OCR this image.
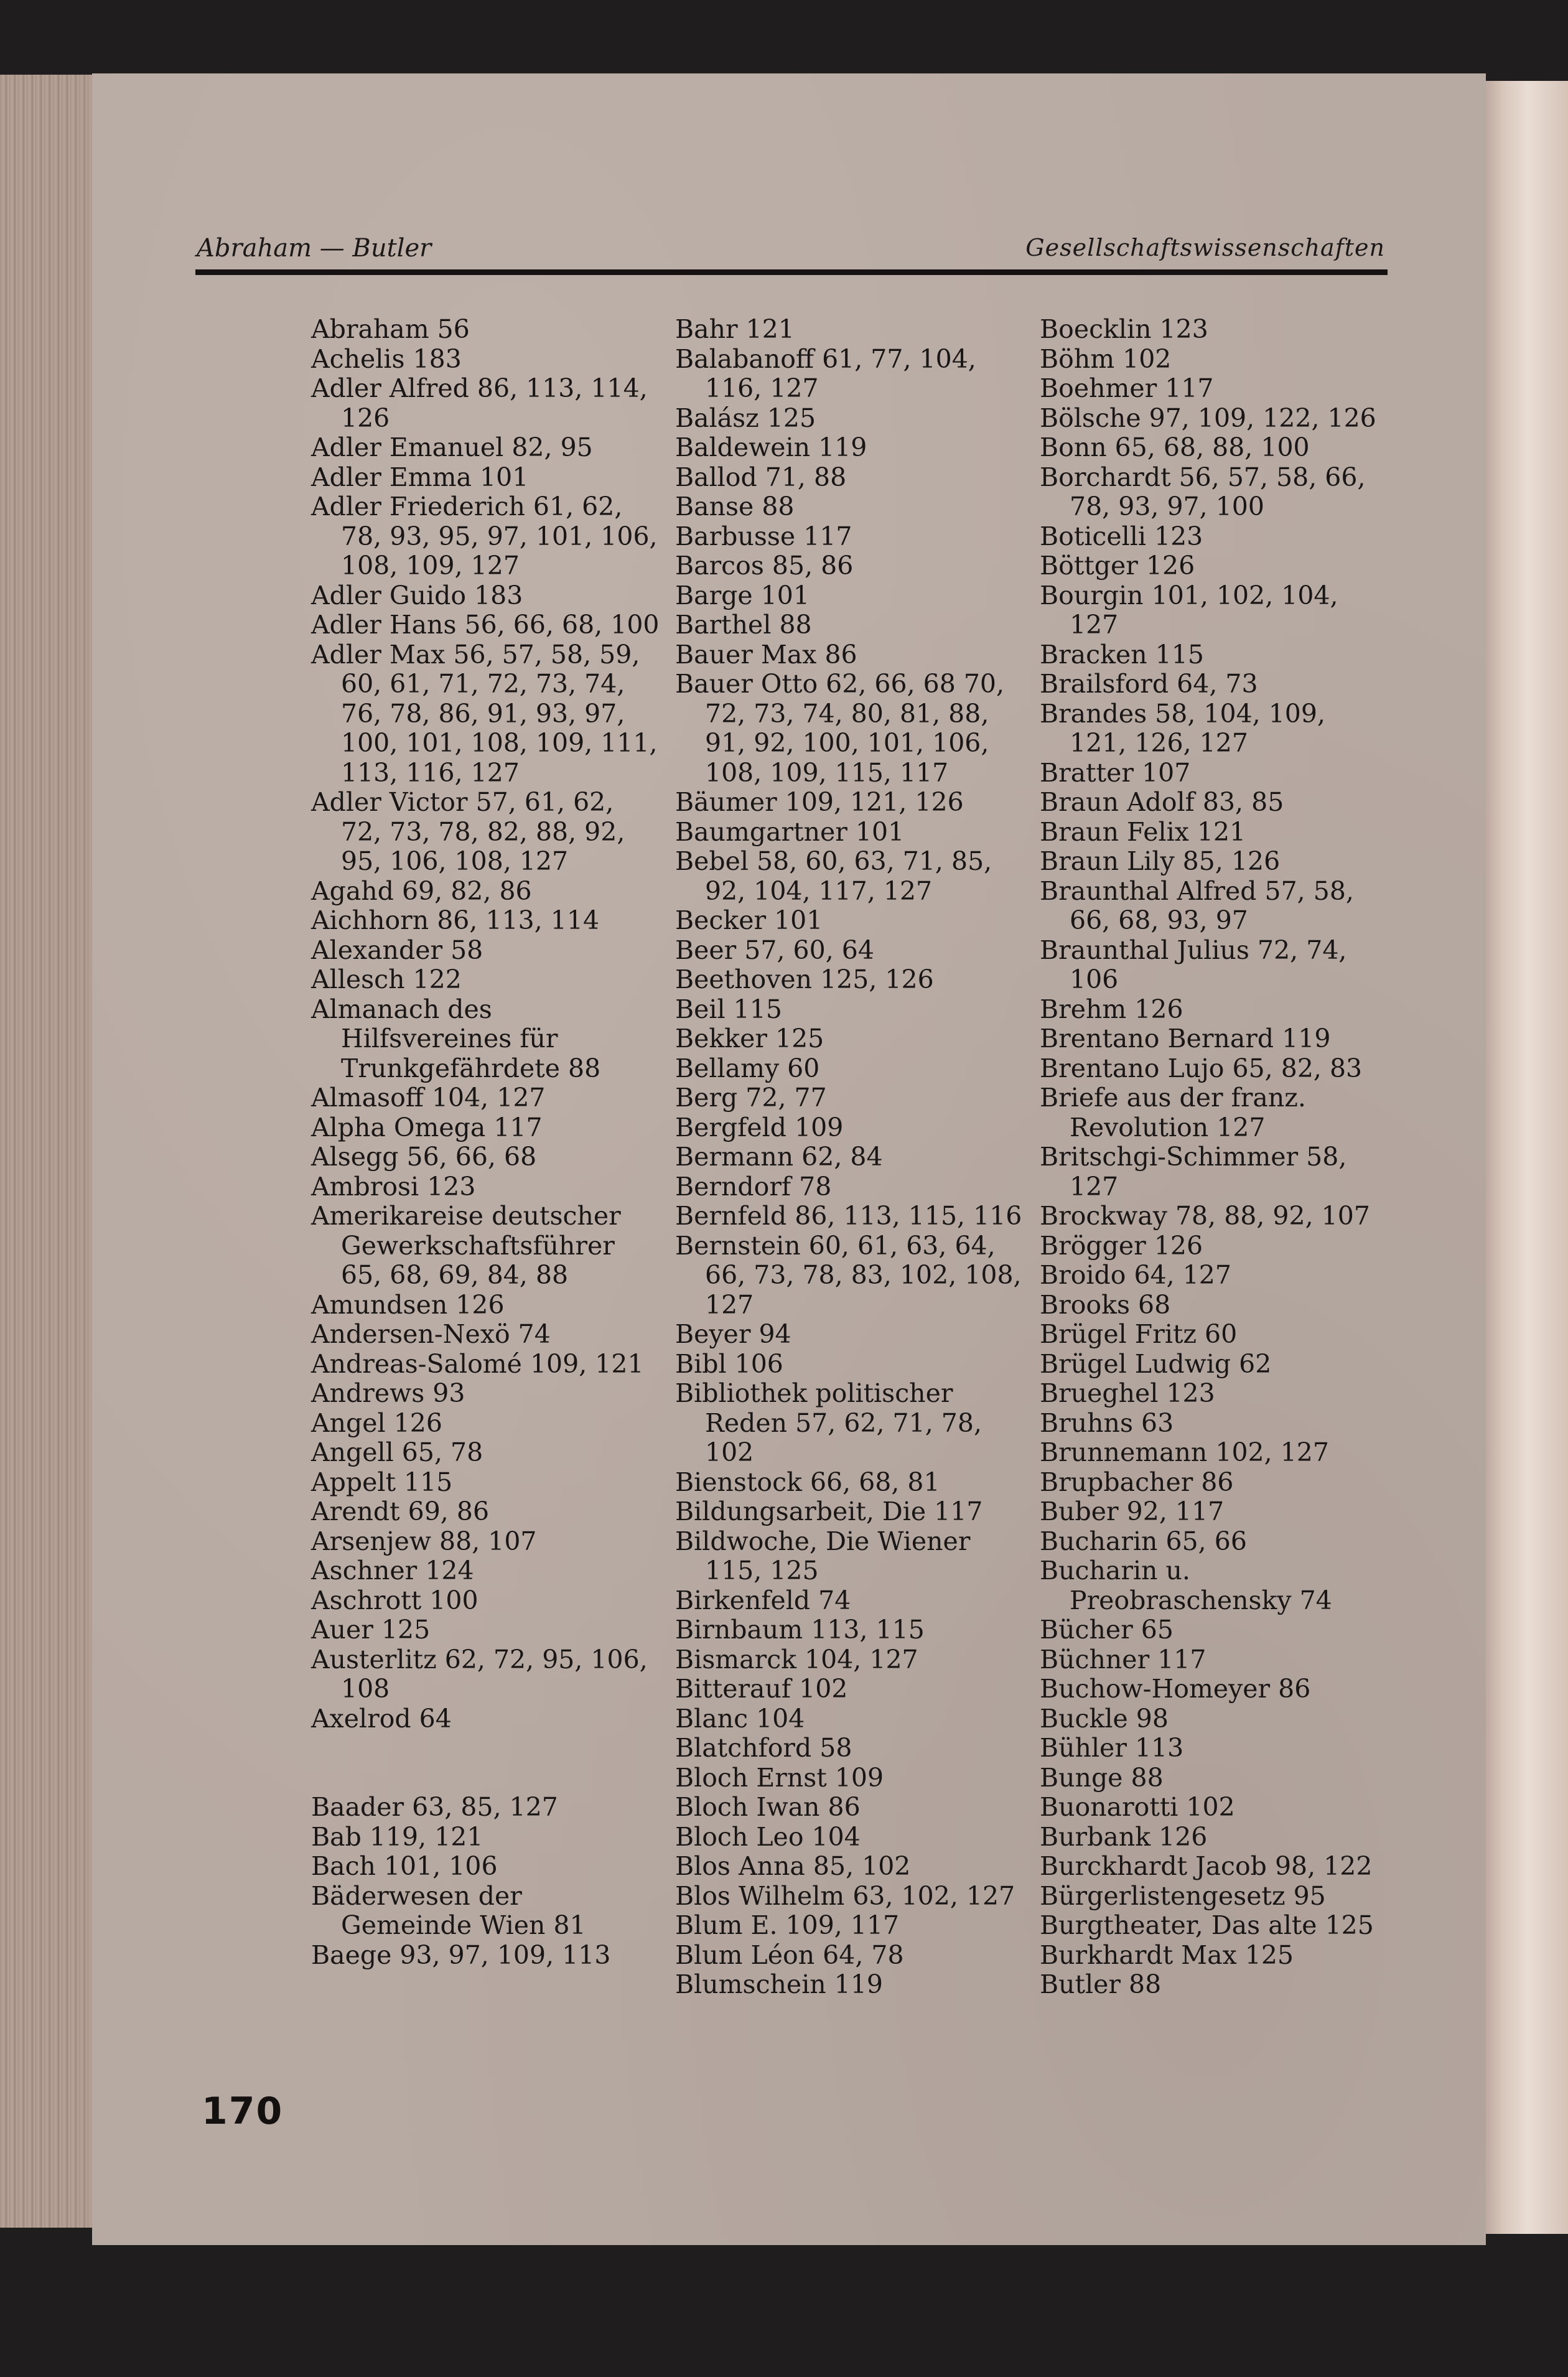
Abraham — Butler	Gesellschaftswissenschaften
Abraham 56
Achelis 183
Adler Alfred 86, 113, 114, 126
Adler Emanuel 82, 95
Adler Emma 101
Adler Friederich 61, 62, 78, 93, 95, 97, 101, 106, 108, 109, 127
Adler Guido 183
Adler Hans 56, 66, 68, 100
Adler Max 56, 57, 58, 59, 60, 61, 71, 72, 73, 74, 76, 78, 86, 91, 93, 97, 100, 101, 108, 109, 111, 113, 116, 127
Adler Victor 57, 61, 62, 72, 73, 78, 82, 88, 92, 95, 106, 108, 127
Agahd 69, 82, 86
Aichhorn 86, 113, 114
Alexander 58
Allesch 122
Almanach des Hilfsvereines für Trunkgefährdete 88
Almasoff 104, 127
Alpha Omega 117
Alsegg 56, 66, 68
Ambrosi 123
Amerikareise deutscher Gewerkschaftsführer 65, 68, 69, 84, 88
Amundsen 126
Andersen-Nexö 74
Andreas-Salomé 109, 121
Andrews 93
Angel 126
Angell 65, 78
Appelt 115
Arendt 69, 86
Arsenjew 88, 107
Aschner 124
Aschrott 100
Auer 125
Austerlitz 62, 72, 95, 106, 108
Axelrod 64
Baader 63, 85, 127
Bab 119, 121
Bach 101, 106
Bäderwesen der Gemeinde Wien 81
Baege 93, 97, 109, 113
Bahr 121
Balabanoff 61, 77, 104, 116, 127
Balász 125
Baldewein 119
Ballod 71, 88
Banse 88
Barbusse 117
Barcos 85, 86
Barge 101
Barthel 88
Bauer Max 86
Bauer Otto 62, 66, 68 70, 72, 73, 74, 80, 81, 88, 91, 92, 100, 101, 106, 108, 109, 115, 117
Bäumer 109, 121, 126
Baumgartner 101
Bebel 58, 60, 63, 71, 85, 92, 104, 117, 127
Becker 101
Beer 57, 60, 64
Beethoven 125, 126
Beil 115
Bekker 125
Bellamy 60
Berg 72, 77
Bergfeld 109
Bermann 62, 84
Berndorf 78
Bernfeld 86, 113, 115, 116
Bernstein 60, 61, 63, 64, 66, 73, 78, 83, 102, 108, 127
Beyer 94
Bibl 106
Bibliothek politischer Reden 57, 62, 71, 78, 102
Bienstock 66, 68, 81
Bildungsarbeit, Die 117
Bildwoche, Die Wiener 115, 125
Birkenfeld 74
Birnbaum 113, 115
Bismarck 104, 127
Bitterauf 102
Blanc 104
Blatchford 58
Bloch Ernst 109
Bloch Iwan 86
Bloch Leo 104
Blos Anna 85, 102
Blos Wilhelm 63, 102, 127
Blum E. 109, 117
Blum Léon 64, 78
Blumschein 119
Boecklin 123
Böhm 102
Boehmer 117
Bölsche 97, 109, 122, 126
Bonn 65, 68, 88, 100
Borchardt 56, 57, 58, 66, 78, 93, 97, 100
Boticelli 123
Böttger 126
Bourgin 101, 102, 104, 127
Bracken 115
Brailsford 64, 73
Brandes 58, 104, 109, 121, 126, 127
Bratter 107
Braun Adolf 83, 85
Braun Felix 121
Braun Lily 85, 126
Braunthal Alfred 57, 58, 66, 68, 93, 97
Braunthal Julius 72, 74, 106
Brehm 126
Brentano Bernard 119
Brentano Lujo 65, 82, 83
Briefe aus der franz. Revolution 127
Britschgi-Schimmer 58, 127
Brockway 78, 88, 92, 107
Brögger 126
Broido 64, 127
Brooks 68
Brügel Fritz 60
Brügel Ludwig 62
Brueghel 123
Bruhns 63
Brunnemann 102, 127
Brupbacher 86
Buber 92, 117
Bucharin 65, 66
Bucharin u. Preobraschensky 74
Bücher 65
Büchner 117
Buchow-Homeyer 86
Buckle 98
Bühler 113
Bunge 88
Buonarotti 102
Burbank 126
Burckhardt Jacob 98, 122
Bürgerlistengesetz 95
Burgtheater, Das alte 125
Burkhardt Max 125
Butler 88
170
